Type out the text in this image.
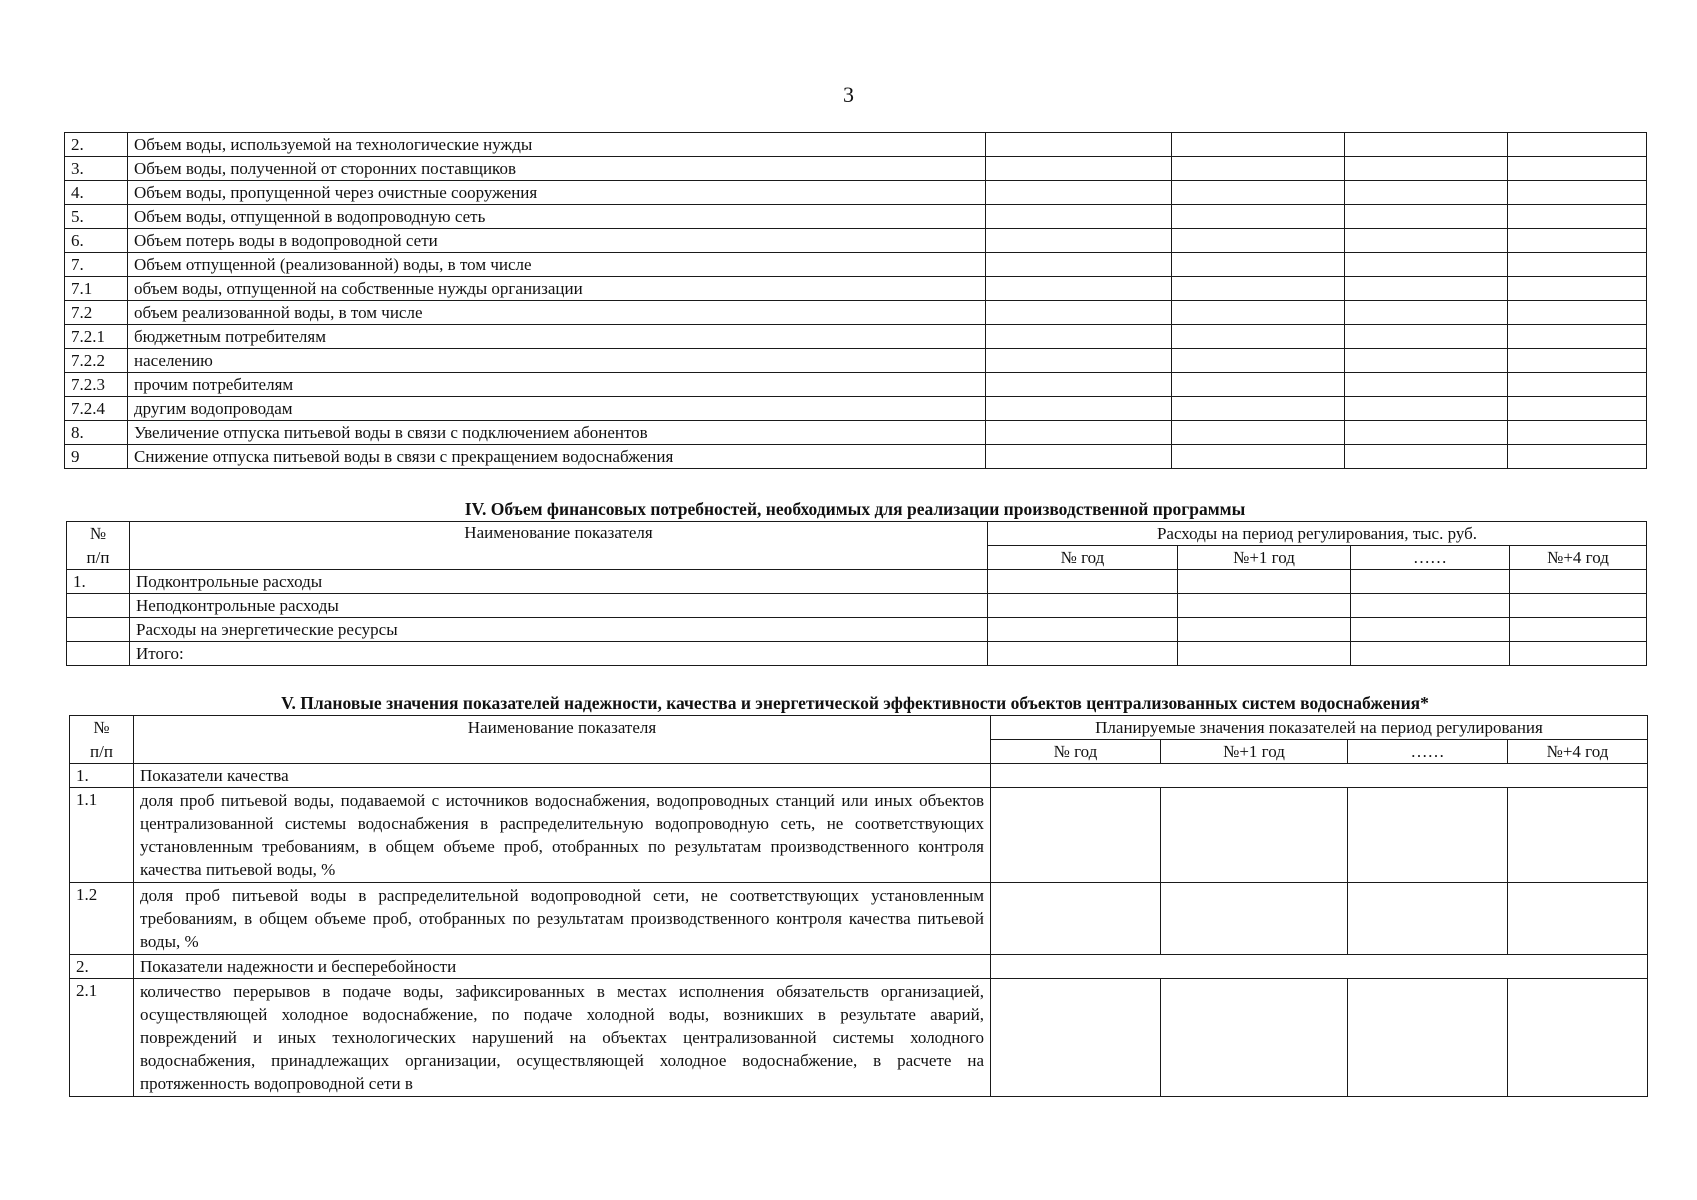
3
2.	Объем воды, используемой на технологические нужды				
3.	Объем воды, полученной от сторонних поставщиков				
4.	Объем воды, пропущенной через очистные сооружения				
5.	Объем воды, отпущенной в водопроводную сеть				
6.	Объем потерь воды в водопроводной сети				
7.	Объем отпущенной (реализованной) воды, в том числе				
7.1	объем воды, отпущенной на собственные нужды организации				
7.2	объем реализованной воды, в том числе				
7.2.1	бюджетным потребителям				
7.2.2	населению				
7.2.3	прочим потребителям				
7.2.4	другим водопроводам				
8.	Увеличение отпуска питьевой воды в связи с подключением абонентов				
9	Снижение отпуска питьевой воды в связи с прекращением водоснабжения				
IV. Объем финансовых потребностей, необходимых для реализации производственной программы
№	Наименование показателя	Расходы на период регулирования, тыс. руб.			
п/п		№ год	№+1 год	……	№+4 год
1.	Подконтрольные расходы				
	Неподконтрольные расходы				
	Расходы на энергетические ресурсы				
	Итого:				
V. Плановые значения показателей надежности, качества и энергетической эффективности объектов централизованных систем водоснабжения*
№	Наименование показателя	Планируемые значения показателей на период регулирования			
п/п		№ год	№+1 год	……	№+4 год
1.	Показатели качества				
1.1	доля проб питьевой воды, подаваемой с источников водоснабжения, водопроводных станций или иных объектов централизованной системы водоснабжения в распределительную водопроводную сеть, не соответствующих установленным требованиям, в общем объеме проб, отобранных по результатам производственного контроля качества питьевой воды, %				
1.2	доля проб питьевой воды в распределительной водопроводной сети, не соответствующих установленным требованиям, в общем объеме проб, отобранных по результатам производственного контроля качества питьевой воды, %				
2.	Показатели надежности и бесперебойности				
2.1	количество перерывов в подаче воды, зафиксированных в местах исполнения обязательств организацией, осуществляющей холодное водоснабжение, по подаче холодной воды, возникших в результате аварий, повреждений и иных технологических нарушений на объектах централизованной системы холодного водоснабжения, принадлежащих организации, осуществляющей холодное водоснабжение, в расчете на протяженность водопроводной сети в				
